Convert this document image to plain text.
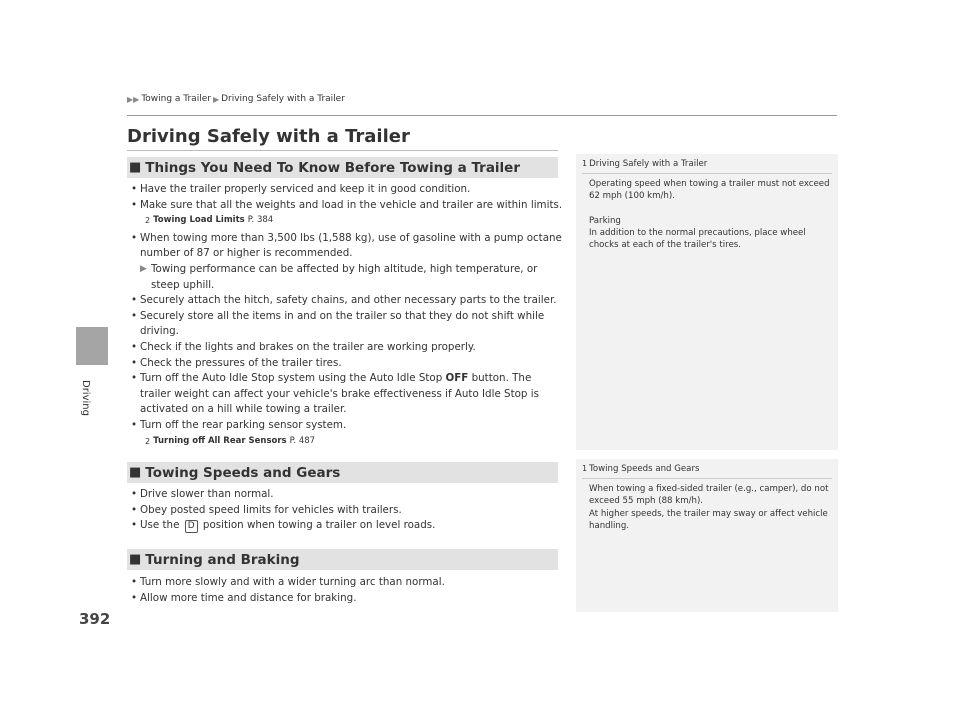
Driving
392
▶▶ Towing a Trailer ▶ Driving Safely with a Trailer
Driving Safely with a Trailer
■ Things You Need To Know Before Towing a Trailer
• Have the trailer properly serviced and keep it in good condition.
• Make sure that all the weights and load in the vehicle and trailer are within limits.
2 Towing Load Limits P. 384
• When towing more than 3,500 lbs (1,588 kg), use of gasoline with a pump octane number of 87 or higher is recommended.
▶ Towing performance can be affected by high altitude, high temperature, or steep uphill.
• Securely attach the hitch, safety chains, and other necessary parts to the trailer.
• Securely store all the items in and on the trailer so that they do not shift while driving.
• Check if the lights and brakes on the trailer are working properly.
• Check the pressures of the trailer tires.
• Turn off the Auto Idle Stop system using the Auto Idle Stop OFF button. The trailer weight can affect your vehicle's brake effectiveness if Auto Idle Stop is activated on a hill while towing a trailer.
• Turn off the rear parking sensor system.
2 Turning off All Rear Sensors P. 487
■ Towing Speeds and Gears
• Drive slower than normal.
• Obey posted speed limits for vehicles with trailers.
• Use the D position when towing a trailer on level roads.
■ Turning and Braking
• Turn more slowly and with a wider turning arc than normal.
• Allow more time and distance for braking.
1 Driving Safely with a Trailer
Operating speed when towing a trailer must not exceed 62 mph (100 km/h).
Parking
In addition to the normal precautions, place wheel chocks at each of the trailer's tires.
1 Towing Speeds and Gears
When towing a fixed-sided trailer (e.g., camper), do not exceed 55 mph (88 km/h).
At higher speeds, the trailer may sway or affect vehicle handling.
